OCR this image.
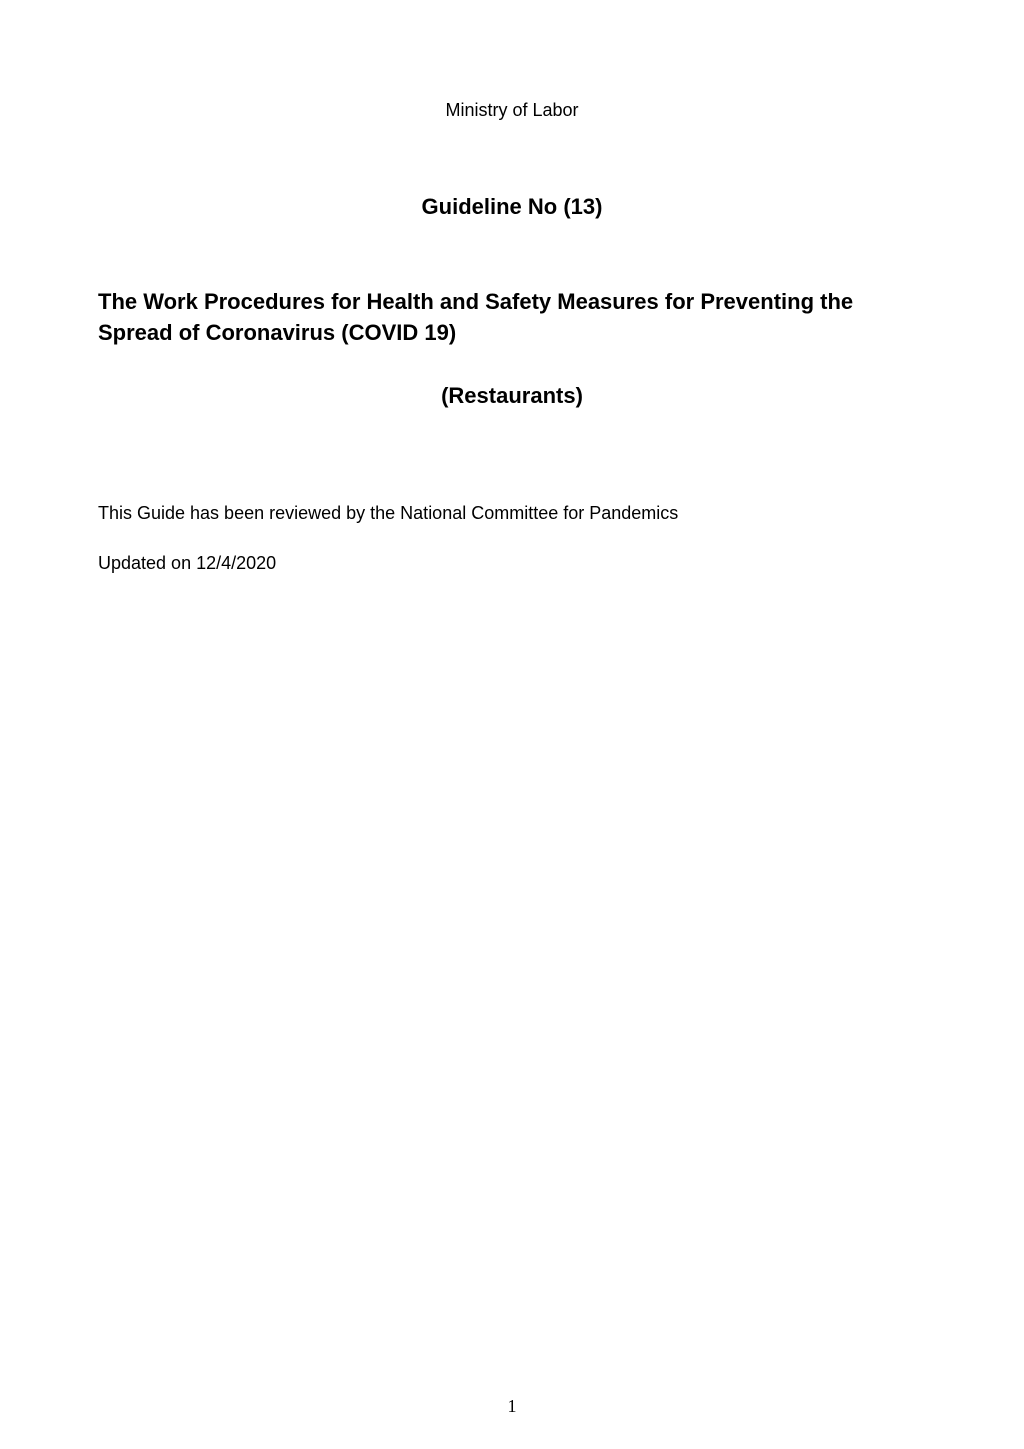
Ministry of Labor
Guideline No (13)
The Work Procedures for Health and Safety Measures for Preventing the Spread of Coronavirus (COVID 19)
(Restaurants)
This Guide has been reviewed by the National Committee for Pandemics
Updated on 12/4/2020
1
